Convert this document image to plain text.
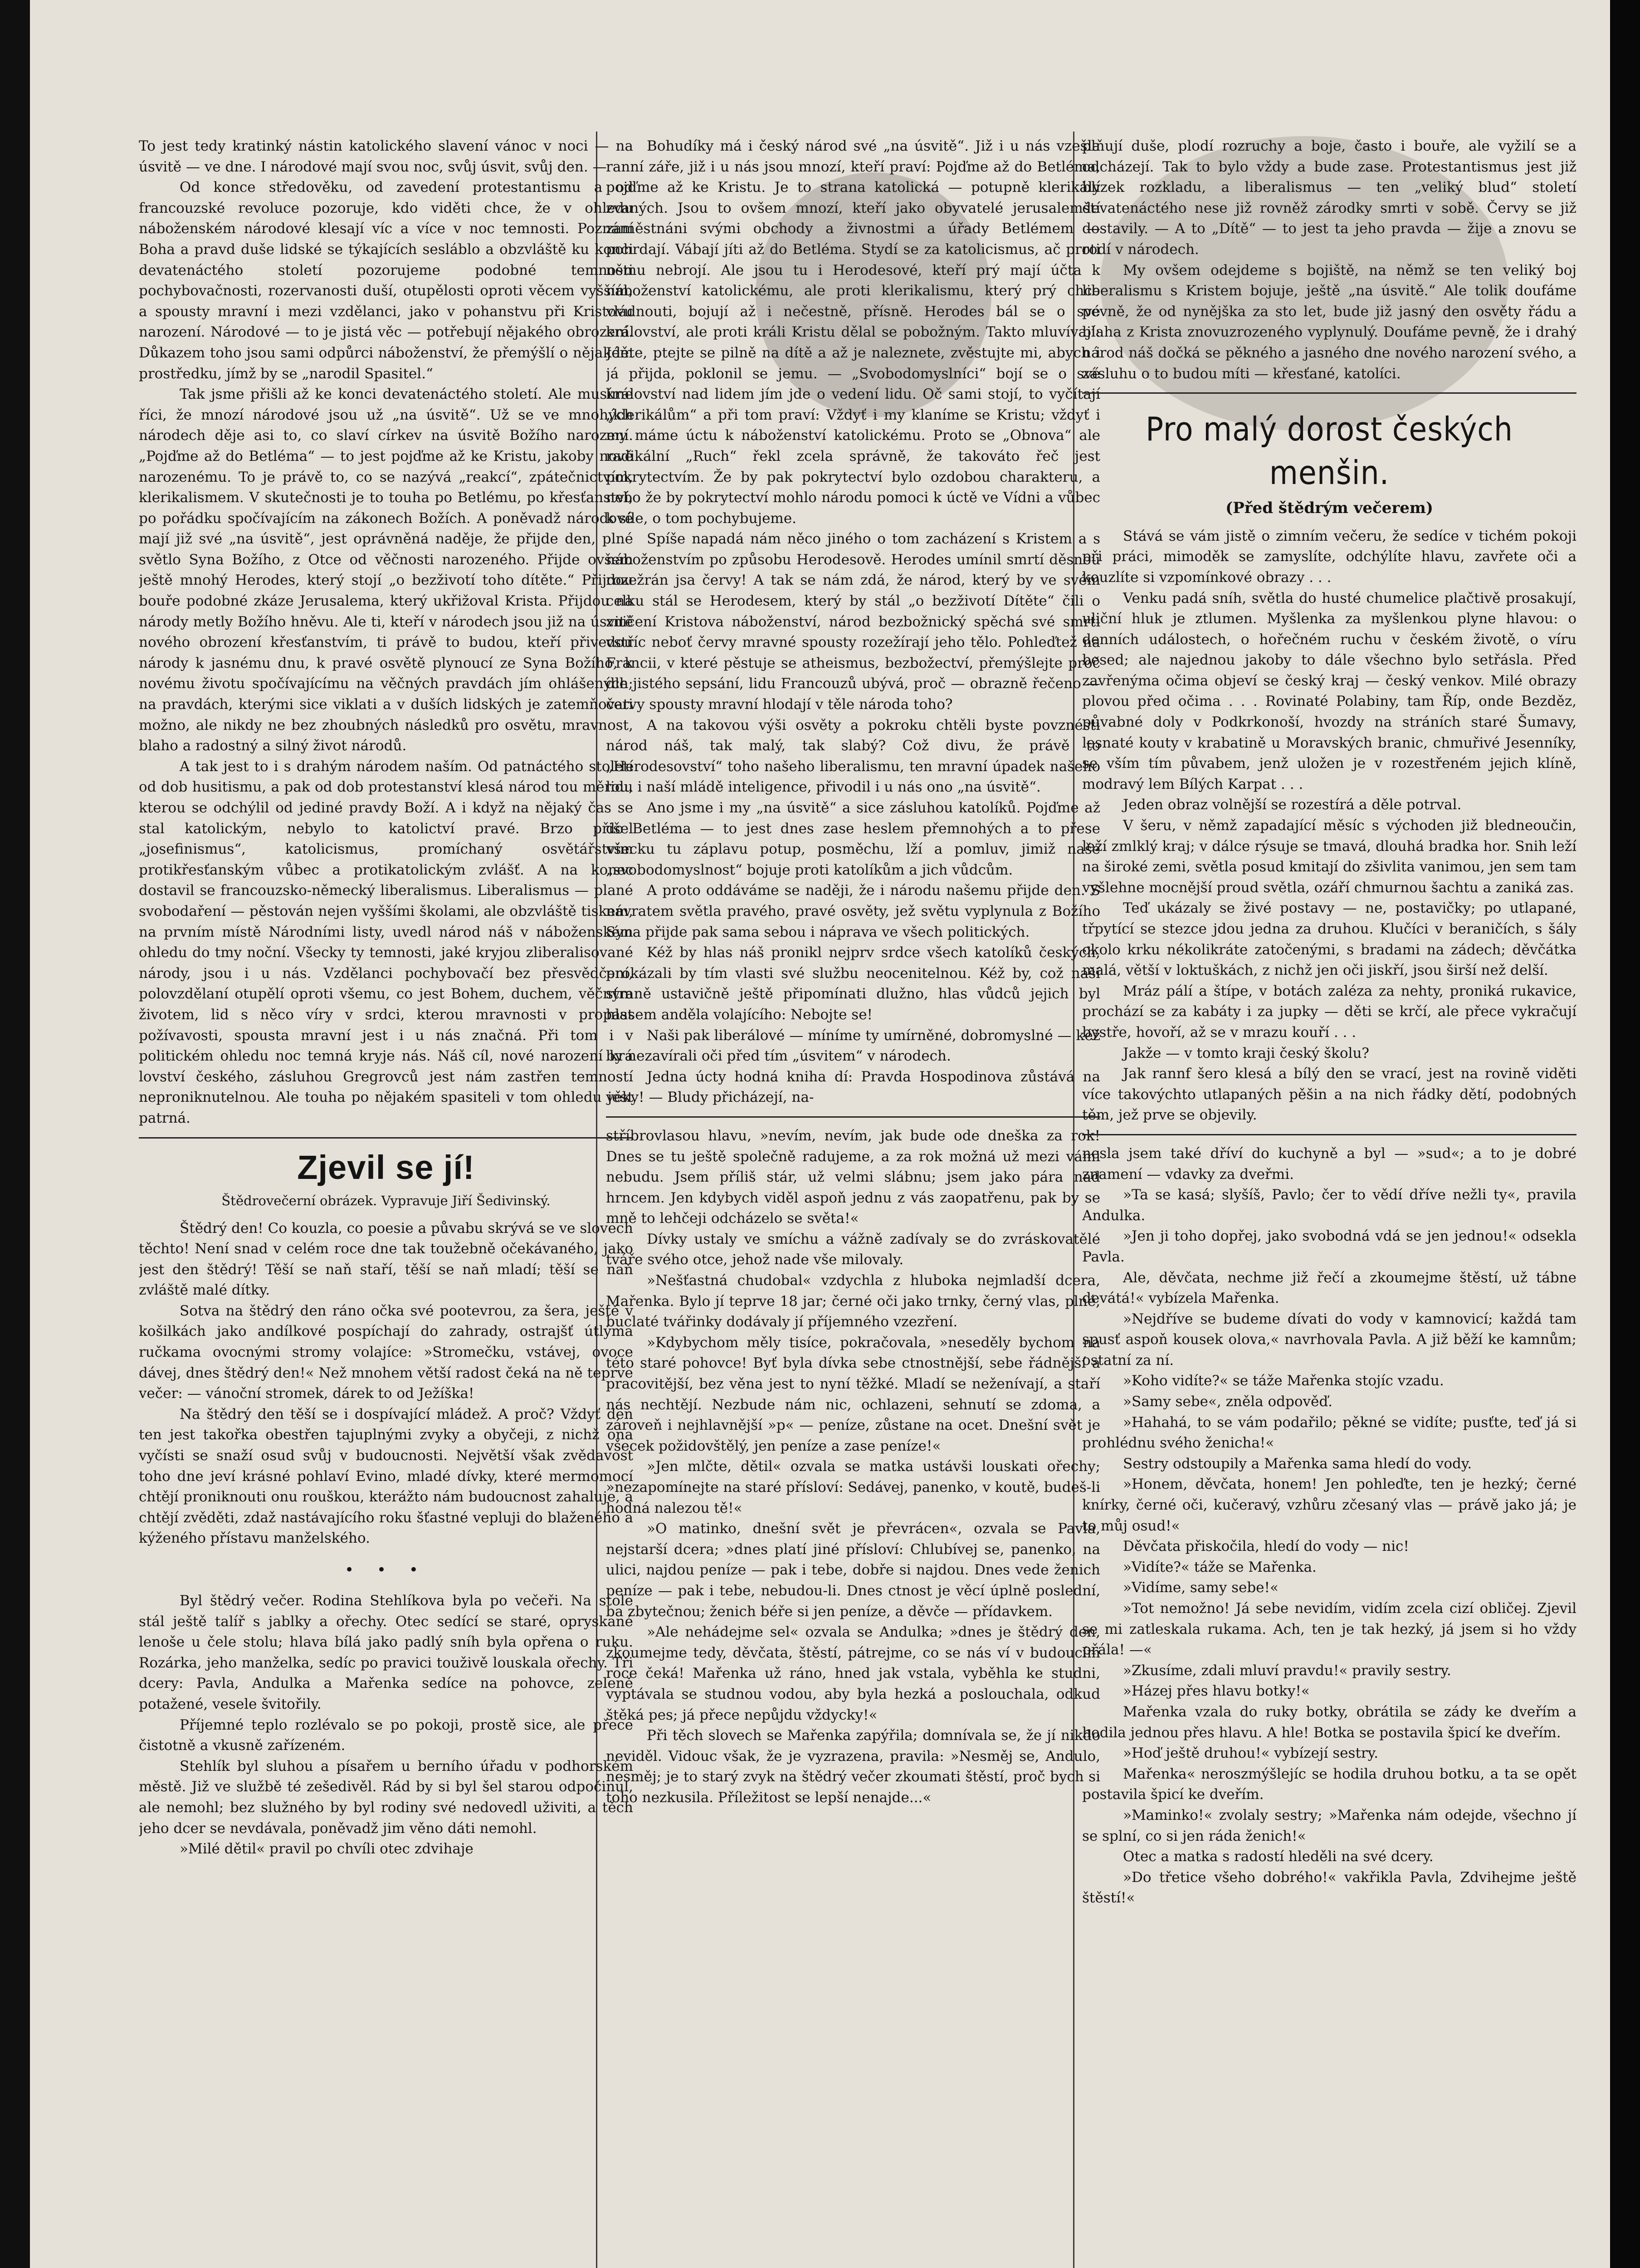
To jest tedy kratinký nástin katolického slavení vánoc v noci — na úsvitě — ve dne. I národové mají svou noc, svůj úsvit, svůj den. —

Od konce středověku, od zavedení protestantismu a od francouzské revoluce pozoruje, kdo viděti chce, že v ohledu náboženském národové klesají víc a více v noc temnosti. Poznání Boha a pravd duše lidské se týkajících sesláblo a obzvláště ku konci devatenáctého století pozorujeme podobné temnosti pochybovačnosti, rozervanosti duší, otupělosti oproti věcem vyšším, a spousty mravní i mezi vzdělanci, jako v pohanstvu při Kristovu narození. Národové — to je jistá věc — potřebují nějakého obrození. Důkazem toho jsou sami odpůrci náboženství, že přemýšlí o nějakém prostředku, jímž by se „narodil Spasitel.“

Tak jsme přišli až ke konci devatenáctého století. Ale musíme říci, že mnozí národové jsou už „na úsvitě“. Už se ve mnohých národech děje asi to, co slaví církev na úsvitě Božího narození. „Pojďme až do Betléma“ — to jest pojďme až ke Kristu, jakoby nově narozenému. To je právě to, co se nazývá „reakcí“, zpátečnictvím, klerikalismem. V skutečnosti je to touha po Betlému, po křesťanství, po pořádku spočívajícím na zákonech Božích. A poněvadž národové mají již své „na úsvitě“, jest oprávněná naděje, že přijde den, plné světlo Syna Božího, z Otce od věčnosti narozeného. Přijde ovšem ještě mnohý Herodes, který stojí „o bezživotí toho dítěte.“ Přijdou bouře podobné zkáze Jerusalema, který ukřižoval Krista. Přijdou na národy metly Božího hněvu. Ale ti, kteří v národech jsou již na úsvitě nového obrození křesťanstvím, ti právě to budou, kteří přivedou národy k jasnému dnu, k pravé osvětě plynoucí ze Syna Božího, k novému životu spočívajícímu na věčných pravdách jím ohlášených; na pravdách, kterými sice viklati a v duších lidských je zatemňovati možno, ale nikdy ne bez zhoubných následků pro osvětu, mravnost, blaho a radostný a silný život národů.

A tak jest to i s drahým národem naším. Od patnáctého století od dob husitismu, a pak od dob protestanství klesá národ tou měrou, kterou se odchýlil od jediné pravdy Boží. A i když na nějaký čas se stal katolickým, nebylo to katolictví pravé. Brzo přišel „josefinismus“, katolicismus, promíchaný osvětářstvím protikřesťanským vůbec a protikatolickým zvlášť. A na konec dostavil se francouzsko-německý liberalismus. Liberalismus — plané svobodaření — pěstován nejen vyššími školami, ale obzvláště tiskem, na prvním místě Národními listy, uvedl národ náš v náboženském ohledu do tmy noční. Všecky ty temnosti, jaké kryjou zliberalisované národy, jsou i u nás. Vzdělanci pochybovačí bez přesvědčení, polovzdělaní otupělí oproti všemu, co jest Bohem, duchem, věčným životem, lid s něco víry v srdci, kterou mravnosti v propast požívavosti, spousta mravní jest i u nás značná. Při tom i v politickém ohledu noc temná kryje nás. Náš cíl, nové narození krá lovství českého, zásluhou Gregrovců jest nám zastřen temností neproniknutelnou. Ale touha po nějakém spasiteli v tom ohledu jest patrná.

Zjevil se jí!
Štědrovečerní obrázek. Vypravuje Jiří Šedivinský.

Štědrý den! Co kouzla, co poesie a půvabu skrývá se ve slovech těchto! Není snad v celém roce dne tak toužebně očekávaného, jako jest den štědrý! Těší se naň staří, těší se naň mladí; těší se naň zvláště malé dítky.

Sotva na štědrý den ráno očka své pootevrou, za šera, ještě v košilkách jako andílkové pospíchají do zahrady, ostrajšť útlýma ručkama ovocnými stromy volajíce: »Stromečku, vstávej, ovoce dávej, dnes štědrý den!« Než mnohem větší radost čeká na ně teprve večer: — vánoční stromek, dárek to od Ježíška!

Na štědrý den těší se i dospívající mládež. A proč? Vždyť den ten jest takořka obestřen tajuplnými zvyky a obyčeji, z nichž ona vyčísti se snaží osud svůj v budoucnosti. Největší však zvědavost toho dne jeví krásné pohlaví Evino, mladé dívky, které mermomocí chtějí proniknouti onu rouškou, kterážto nám budoucnost zahaluje, a chtějí zvěděti, zdaž nastávajícího roku šťastné vepluji do blaženého a kýženého přístavu manželského.

• • •

Byl štědrý večer. Rodina Stehlíkova byla po večeři. Na stole stál ještě talíř s jablky a ořechy. Otec sedící se staré, opryskané lenoše u čele stolu; hlava bílá jako padlý sníh byla opřena o ruku. Rozárka, jeho manželka, sedíc po pravici touživě louskala ořechy. Tři dcery: Pavla, Andulka a Mařenka sedíce na pohovce, zeleně potažené, vesele švitořily.

Příjemné teplo rozlévalo se po pokoji, prostě sice, ale přece čistotně a vkusně zařízeném.

Stehlík byl sluhou a písařem u berního úřadu v podhorském městě. Již ve službě té zešedivěl. Rád by si byl šel starou odpočinul, ale nemohl; bez služného by byl rodiny své nedovedl uživiti, a těch jeho dcer se nevdávala, poněvadž jim věno dáti nemohl.

»Milé dětil« pravil po chvíli otec zdvihaje

Bohudíky má i český národ své „na úsvitě“. Již i u nás vzešla ranní záře, již i u nás jsou mnozí, kteří praví: Pojďme až do Betléma, pojďme až ke Kristu. Je to strana katolická — potupně klerikály zvaných. Jsou to ovšem mnozí, kteří jako obyvatelé jerusalemští zaměstnáni svými obchody a živnostmi a úřady Betlémem — pohrdají. Vábají jíti až do Betléma. Stydí se za katolicismus, ač proti němu nebrojí. Ale jsou tu i Herodesové, kteří prý mají účta k náboženství katolickému, ale proti klerikalismu, který prý chce vládnouti, bojují až i nečestně, přísně. Herodes bál se o své království, ale proti králi Kristu dělal se pobožným. Takto mluvívají: Jděte, ptejte se pilně na dítě a až je naleznete, zvěstujte mi, abych i já přijda, poklonil se jemu. — „Svobodomyslníci“ bojí se o své království nad lidem jím jde o vedení lidu. Oč sami stojí, to vyčítají „klerikálům“ a při tom praví: Vždyť i my klaníme se Kristu; vždyť i my máme úctu k náboženství katolickému. Proto se „Obnova“ ale radikální „Ruch“ řekl zcela správně, že takováto řeč jest pokrytectvím. Že by pak pokrytectví bylo ozdobou charakteru, a nebo že by pokrytectví mohlo národu pomoci k úctě ve Vídni a vůbec k síle, o tom pochybujeme.

Spíše napadá nám něco jiného o tom zacházení s Kristem a s náboženstvím po způsobu Herodesově. Herodes umínil smrtí děsnou rozežrán jsa červy! A tak se nám zdá, že národ, který by ve svém celku stál se Herodesem, který by stál „o bezživotí Dítěte“ čili o zničení Kristova náboženství, národ bezbožnický spěchá své smrti vstříc neboť červy mravné spousty rozežírají jeho tělo. Pohleďtež na Francii, v které pěstuje se atheismus, bezbožectví, přemýšlejte proč dle jistého sepsání, lidu Francouzů ubývá, proč — obrazně řečeno — červy spousty mravní hlodají v těle národa toho?

A na takovou výši osvěty a pokroku chtěli byste povznésti národ náš, tak malý, tak slabý? Což divu, že právě to „Herodesovství“ toho našeho liberalismu, ten mravní úpadek našeho lidu i naší mládě inteligence, přivodil i u nás ono „na úsvitě“.

Ano jsme i my „na úsvitě“ a sice zásluhou katolíků. Pojďme až do Betléma — to jest dnes zase heslem přemnohých a to přese všecku tu záplavu potup, posměchu, lží a pomluv, jimiž naše „svobodomyslnost“ bojuje proti katolíkům a jich vůdcům.

A proto oddáváme se naději, že i národu našemu přijde den. S návratem světla pravého, pravé osvěty, jež světu vyplynula z Božího Syna přijde pak sama sebou i náprava ve všech politických.

Kéž by hlas náš pronikl nejprv srdce všech katolíků českých, prokázali by tím vlasti své službu neocenitelnou. Kéž by, což naší straně ustavičně ještě připomínati dlužno, hlas vůdců jejich byl hlasem anděla volajícího: Nebojte se!

Naši pak liberálové — míníme ty umírněné, dobromyslné — kéž by nezavírali oči před tím „úsvitem“ v národech.

Jedna úcty hodná kniha dí: Pravda Hospodinova zůstává na věky! — Bludy přicházejí, na-

stříbrovlasou hlavu, »nevím, nevím, jak bude ode dneška za rok! Dnes se tu ještě společně radujeme, a za rok možná už mezi vámi nebudu. Jsem příliš stár, už velmi slábnu; jsem jako pára nad hrncem. Jen kdybych viděl aspoň jednu z vás zaopatřenu, pak by se mně to lehčeji odcházelo se světa!«

Dívky ustaly ve smíchu a vážně zadívaly se do zvráskovatělé tváře svého otce, jehož nade vše milovaly.

»Nešťastná chudobal« vzdychla z hluboka nejmladší dcera, Mařenka. Bylo jí teprve 18 jar; černé oči jako trnky, černý vlas, plné, buclaté tvářinky dodávaly jí příjemného vzezření.

»Kdybychom měly tisíce, pokračovala, »neseděly bychom na této staré pohovce! Byť byla dívka sebe ctnostnější, sebe řádnější a pracovitější, bez věna jest to nyní těžké. Mladí se neženívají, a staří nás nechtějí. Nezbude nám nic, ochlazeni, sehnutí se zdoma, a zároveň i nejhlavnější »p« — peníze, zůstane na ocet. Dnešní svět je všecek požidovštělý, jen peníze a zase peníze!«

»Jen mlčte, dětil« ozvala se matka ustávši louskati ořechy; »nezapomínejte na staré přísloví: Sedávej, panenko, v koutě, budeš-li hodná nalezou tě!«

»O matinko, dnešní svět je převrácen«, ozvala se Pavla, nejstarší dcera; »dnes platí jiné přísloví: Chlubívej se, panenko, na ulici, najdou peníze — pak i tebe, dobře si najdou. Dnes vede ženich peníze — pak i tebe, nebudou-li. Dnes ctnost je věcí úplně poslední, ba zbytečnou; ženich béře si jen peníze, a děvče — přídavkem.

»Ale nehádejme sel« ozvala se Andulka; »dnes je štědrý den, zkoumejme tedy, děvčata, štěstí, pátrejme, co se nás ví v budoucím roce čeká! Mařenka už ráno, hned jak vstala, vyběhla ke studni, vyptávala se studnou vodou, aby byla hezká a poslouchala, odkud štěká pes; já přece nepůjdu vždycky!«

Při těch slovech se Mařenka zapýřila; domnívala se, že jí nikdo neviděl. Vidouc však, že je vyzrazena, pravila: »Nesměj se, Andulo, nesměj; je to starý zvyk na štědrý večer zkoumati štěstí, proč bych si toho nezkusila. Příležitost se lepší nenajde...«

plňují duše, plodí rozruchy a boje, často i bouře, ale vyžilí se a odcházejí. Tak to bylo vždy a bude zase. Protestantismus jest již blízek rozkladu, a liberalismus — ten „veliký blud“ století devatenáctého nese již rovněž zárodky smrti v sobě. Červy se již dostavily. — A to „Dítě“ — to jest ta jeho pravda — žije a znovu se rodí v národech.

My ovšem odejdeme s bojiště, na němž se ten veliký boj liberalismu s Kristem bojuje, ještě „na úsvitě.“ Ale tolik doufáme pevně, že od nynějška za sto let, bude již jasný den osvěty řádu a blaha z Krista znovuzrozeného vyplynulý. Doufáme pevně, že i drahý národ náš dočká se pěkného a jasného dne nového narození svého, a zásluhu o to budou míti — křesťané, katolíci.

Pro malý dorost českých menšin.
(Před štědrým večerem)

Stává se vám jistě o zimním večeru, že sedíce v tichém pokoji při práci, mimoděk se zamyslíte, odchýlíte hlavu, zavřete oči a kouzlíte si vzpomínkové obrazy . . .

Venku padá sníh, světla do husté chumelice plačtivě prosakují, uliční hluk je ztlumen. Myšlenka za myšlenkou plyne hlavou: o denních událostech, o hořečném ruchu v českém životě, o víru besed; ale najednou jakoby to dále všechno bylo setřásla. Před zavřenýma očima objeví se český kraj — český venkov. Milé obrazy plovou před očima . . . Rovinaté Polabiny, tam Říp, onde Bezděz, půvabné doly v Podkrkonoší, hvozdy na stráních staré Šumavy, lesnaté kouty v krabatině u Moravských branic, chmuřivé Jesenníky, se vším tím půvabem, jenž uložen je v rozestřeném jejich klíně, modravý lem Bílých Karpat . . .

Jeden obraz volnější se rozestírá a děle potrval.

V šeru, v němž zapadající měsíc s východen již bledneoučin, leží zmlklý kraj; v dálce rýsuje se tmavá, dlouhá bradka hor. Snih leží na široké zemi, světla posud kmitají do zšivlita vanimou, jen sem tam vyšlehne mocnější proud světla, ozáří chmurnou šachtu a zaniká zas.

Teď ukázaly se živé postavy — ne, postavičky; po utlapané, třpytící se stezce jdou jedna za druhou. Klučíci v beraničích, s šály okolo krku nékolikráte zatočenými, s bradami na zádech; děvčátka malá, větší v loktuškách, z nichž jen oči jiskří, jsou širší než delší.

Mráz pálí a štípe, v botách zaléza za nehty, proniká rukavice, prochází se za kabáty i za jupky — děti se krčí, ale přece vykračují bystře, hovoří, až se v mrazu kouří . . .

Jakže — v tomto kraji český školu?

Jak rannf šero klesá a bílý den se vrací, jest na rovině viděti více takovýchto utlapaných pěšin a na nich řádky dětí, podobných těm, jež prve se objevily.

nesla jsem také dříví do kuchyně a byl — »sud«; a to je dobré znamení — vdavky za dveřmi.

»Ta se kasá; slyšíš, Pavlo; čer to vědí dříve nežli ty«, pravila Andulka.

»Jen ji toho dopřej, jako svobodná vdá se jen jednou!« odsekla Pavla.

Ale, děvčata, nechme již řečí a zkoumejme štěstí, už tábne devátá!« vybízela Mařenka.

»Nejdříve se budeme dívati do vody v kamnovicí; každá tam spusť aspoň kousek olova,« navrhovala Pavla. A již běží ke kamnům; ostatní za ní.

»Koho vidíte?« se táže Mařenka stojíc vzadu.

»Samy sebe«, zněla odpověď.

»Hahahá, to se vám podařilo; pěkné se vidíte; pusťte, teď já si prohlédnu svého ženicha!«

Sestry odstoupily a Mařenka sama hledí do vody.

»Honem, děvčata, honem! Jen pohleďte, ten je hezký; černé knírky, černé oči, kučeravý, vzhůru zčesaný vlas — právě jako já; je to můj osud!«

Děvčata přiskočila, hledí do vody — nic!

»Vidíte?« táže se Mařenka.

»Vidíme, samy sebe!«

»Tot nemožno! Já sebe nevidím, vidím zcela cizí obličej. Zjevil se mi zatleskala rukama. Ach, ten je tak hezký, já jsem si ho vždy přála! —«

»Zkusíme, zdali mluví pravdu!« pravily sestry.

»Házej přes hlavu botky!«

Mařenka vzala do ruky botky, obrátila se zády ke dveřím a hodila jednou přes hlavu. A hle! Botka se postavila špicí ke dveřím.

»Hoď ještě druhou!« vybízejí sestry.

Mařenka« neroszmýšlejíc se hodila druhou botku, a ta se opět postavila špicí ke dveřím.

»Maminko!« zvolaly sestry; »Mařenka nám odejde, všechno jí se splní, co si jen ráda ženich!«

Otec a matka s radostí hleděli na své dcery.

»Do třetice všeho dobrého!« vakřikla Pavla, Zdvihejme ještě štěstí!«
